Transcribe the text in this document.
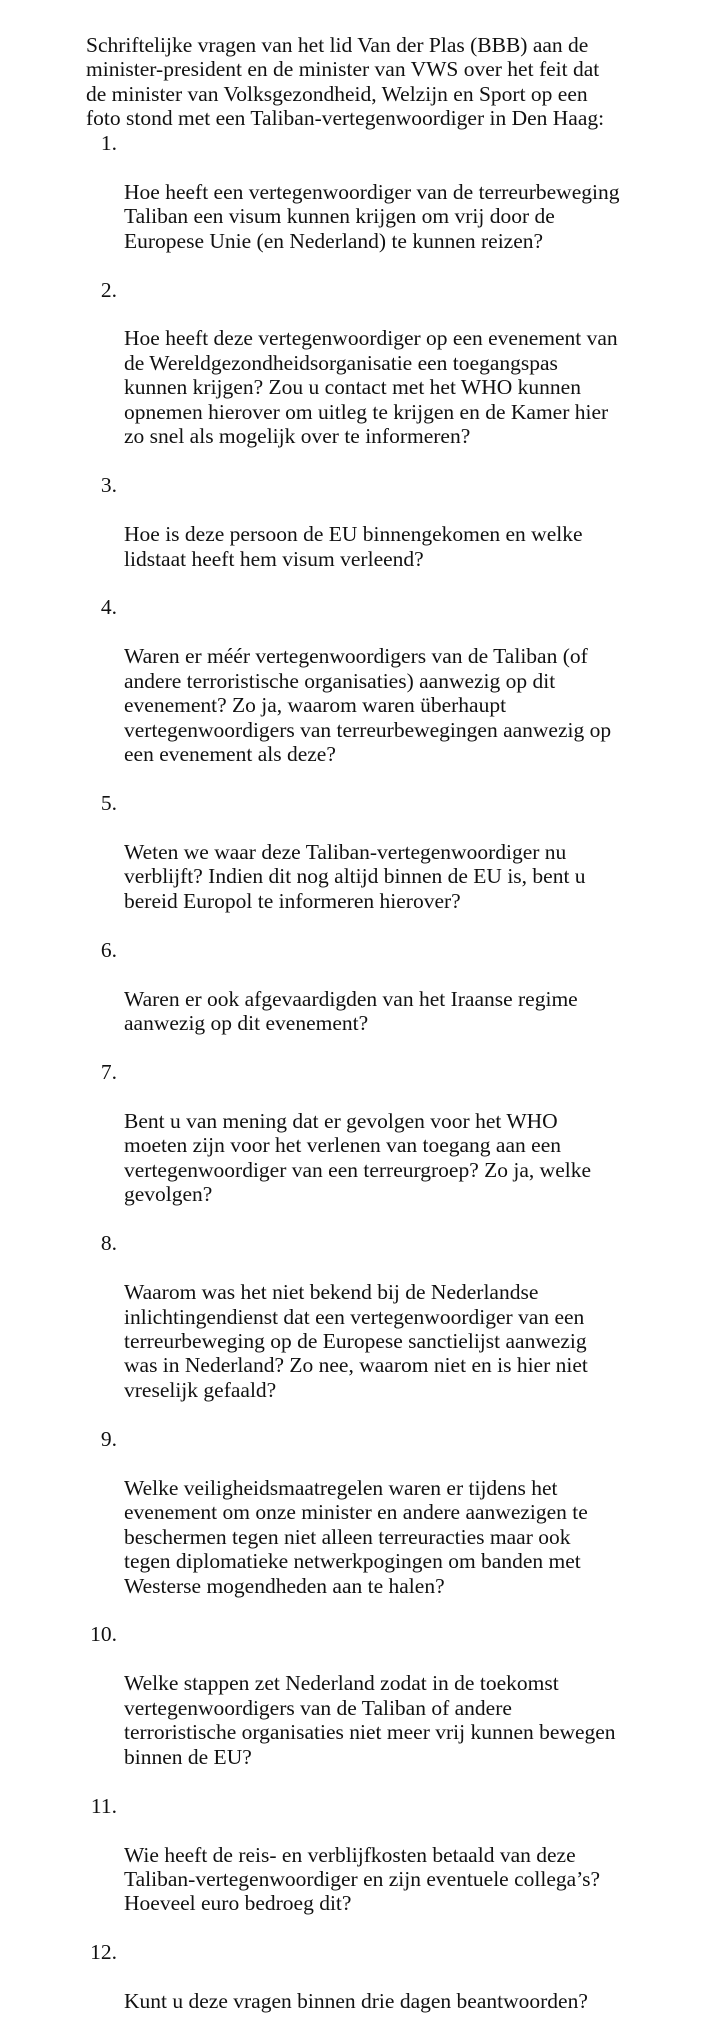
Schriftelijke vragen van het lid Van der Plas (BBB) aan de
minister-president en de minister van VWS over het feit dat
de minister van Volksgezondheid, Welzijn en Sport op een
foto stond met een Taliban-vertegenwoordiger in Den Haag:

1.

Hoe heeft een vertegenwoordiger van de terreurbeweging
Taliban een visum kunnen krijgen om vrij door de
Europese Unie (en Nederland) te kunnen reizen?

2.

Hoe heeft deze vertegenwoordiger op een evenement van
de Wereldgezondheidsorganisatie een toegangspas
kunnen krijgen? Zou u contact met het WHO kunnen
opnemen hierover om uitleg te krijgen en de Kamer hier
zo snel als mogelijk over te informeren?

3.

Hoe is deze persoon de EU binnengekomen en welke
lidstaat heeft hem visum verleend?

4.

Waren er méér vertegenwoordigers van de Taliban (of
andere terroristische organisaties) aanwezig op dit
evenement? Zo ja, waarom waren überhaupt
vertegenwoordigers van terreurbewegingen aanwezig op
een evenement als deze?

5.

Weten we waar deze Taliban-vertegenwoordiger nu
verblijft? Indien dit nog altijd binnen de EU is, bent u
bereid Europol te informeren hierover?

6.

Waren er ook afgevaardigden van het Iraanse regime
aanwezig op dit evenement?

7.

Bent u van mening dat er gevolgen voor het WHO
moeten zijn voor het verlenen van toegang aan een
vertegenwoordiger van een terreurgroep? Zo ja, welke
gevolgen?

8.

Waarom was het niet bekend bij de Nederlandse
inlichtingendienst dat een vertegenwoordiger van een
terreurbeweging op de Europese sanctielijst aanwezig
was in Nederland? Zo nee, waarom niet en is hier niet
vreselijk gefaald?

9.

Welke veiligheidsmaatregelen waren er tijdens het
evenement om onze minister en andere aanwezigen te
beschermen tegen niet alleen terreuracties maar ook
tegen diplomatieke netwerkpogingen om banden met
Westerse mogendheden aan te halen?

10.

Welke stappen zet Nederland zodat in de toekomst
vertegenwoordigers van de Taliban of andere
terroristische organisaties niet meer vrij kunnen bewegen
binnen de EU?

11.

Wie heeft de reis- en verblijfkosten betaald van deze
Taliban-vertegenwoordiger en zijn eventuele collega’s?
Hoeveel euro bedroeg dit?

12.

Kunt u deze vragen binnen drie dagen beantwoorden?
